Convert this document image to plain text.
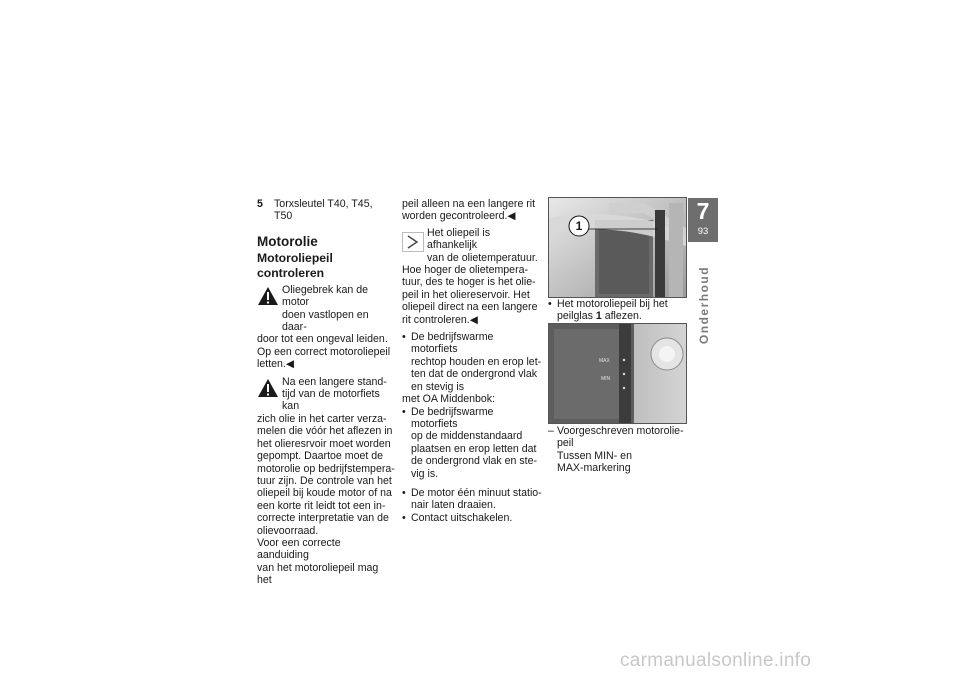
5	Torxsleutel T40, T45,
T50
Motorolie
Motoroliepeil controleren
Oliegebrek kan de motor
doen vastlopen en daar-
door tot een ongeval leiden.
Op een correct motoroliepeil
letten.◀
Na een langere stand-
tijd van de motorfiets kan
zich olie in het carter verza-
melen die vóór het aflezen in
het olieresrvoir moet worden
gepompt. Daartoe moet de
motorolie op bedrijfstempera-
tuur zijn. De controle van het
oliepeil bij koude motor of na
een korte rit leidt tot een in-
correcte interpretatie van de
olievoorraad.
Voor een correcte aanduiding
van het motoroliepeil mag het
peil alleen na een langere rit
worden gecontroleerd.◀
Het oliepeil is afhankelijk
van de olietemperatuur.
Hoe hoger de olietempera-
tuur, des te hoger is het olie-
peil in het oliereservoir. Het
oliepeil direct na een langere
rit controleren.◀
• De bedrijfswarme motorfiets
rechtop houden en erop let-
ten dat de ondergrond vlak
en stevig is
met OA Middenbok:
• De bedrijfswarme motorfiets
op de middenstandaard
plaatsen en erop letten dat
de ondergrond vlak en ste-
vig is.
• De motor één minuut statio-
nair laten draaien.
• Contact uitschakelen.
1
• Het motoroliepeil bij het
peilglas 1 aflezen.
MAX
MIN
– Voorgeschreven motorolie-
peil
Tussen MIN- en
MAX-markering
7
93
Onderhoud
carmanualsonline.info
